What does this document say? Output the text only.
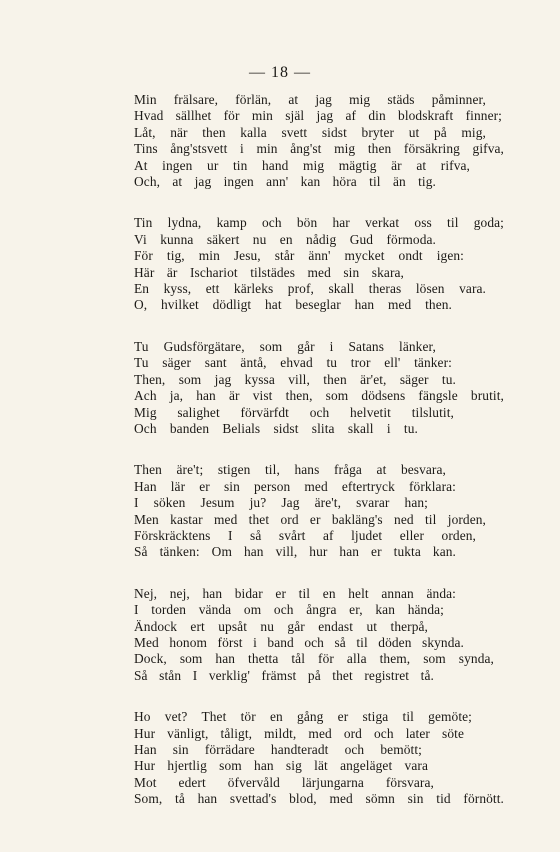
— 18 —
Min frälsare, förlän, at jag mig städs påminner,
Hvad sällhet för min själ jag af din blodskraft finner;
Låt, när then kalla svett sidst bryter ut på mig,
Tins ång'stsvett i min ång'st mig then försäkring gifva,
At ingen ur tin hand mig mägtig är at rifva,
Och, at jag ingen ann' kan höra til än tig.
Tin lydna, kamp och bön har verkat oss til goda;
Vi kunna säkert nu en nådig Gud förmoda.
För tig, min Jesu, står änn' mycket ondt igen:
Här är Ischariot tilstädes med sin skara,
En kyss, ett kärleks prof, skall theras lösen vara.
O, hvilket dödligt hat beseglar han med then.
Tu Gudsförgätare, som går i Satans länker,
Tu säger sant äntå, ehvad tu tror ell' tänker:
Then, som jag kyssa vill, then är'et, säger tu.
Ach ja, han är vist then, som dödsens fängsle brutit,
Mig salighet förvärfdt och helvetit tilslutit,
Och banden Belials sidst slita skall i tu.
Then äre't; stigen til, hans fråga at besvara,
Han lär er sin person med eftertryck förklara:
I söken Jesum ju? Jag äre't, svarar han;
Men kastar med thet ord er bakläng's ned til jorden,
Förskräcktens I så svårt af ljudet eller orden,
Så tänken: Om han vill, hur han er tukta kan.
Nej, nej, han bidar er til en helt annan ända:
I torden vända om och ångra er, kan hända;
Ändock ert upsåt nu går endast ut therpå,
Med honom först i band och så til döden skynda.
Dock, som han thetta tål för alla them, som synda,
Så stån I verklig' främst på thet registret tå.
Ho vet? Thet tör en gång er stiga til gemöte;
Hur vänligt, tåligt, mildt, med ord och later söte
Han sin förrädare handteradt och bemött;
Hur hjertlig som han sig lät angeläget vara
Mot edert öfvervåld lärjungarna försvara,
Som, tå han svettad's blod, med sömn sin tid förnött.
